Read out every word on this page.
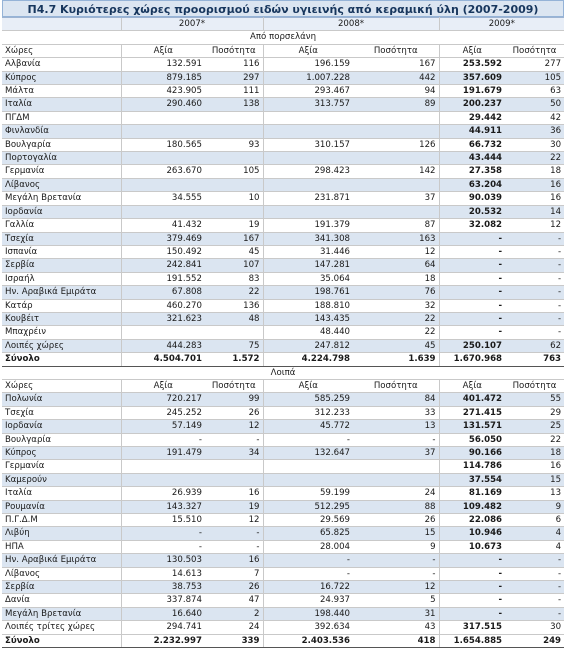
Π4.7 Κυριότερες χώρες προορισμού ειδών υγιεινής από κεραμική ύλη (2007-2009)
	2007*		2008*		2009*	
Από πορσελάνη						
Χώρες	Αξία	Ποσότητα	Αξία	Ποσότητα	Αξία	Ποσότητα
Αλβανία	132.591	116	196.159	167	253.592	277
Κύπρος	879.185	297	1.007.228	442	357.609	105
Μάλτα	423.905	111	293.467	94	191.679	63
Ιταλία	290.460	138	313.757	89	200.237	50
ΠΓΔΜ					29.442	42
Φινλανδία					44.911	36
Βουλγαρία	180.565	93	310.157	126	66.732	30
Πορτογαλία					43.444	22
Γερμανία	263.670	105	298.423	142	27.358	18
Λίβανος					63.204	16
Μεγάλη Βρετανία	34.555	10	231.871	37	90.039	16
Ιορδανία					20.532	14
Γαλλία	41.432	19	191.379	87	32.082	12
Τσεχία	379.469	167	341.308	163	-	-
Ισπανία	150.492	45	31.446	12	-	-
Σερβία	242.841	107	147.281	64	-	-
Ισραήλ	191.552	83	35.064	18	-	-
Ην. Αραβικά Εμιράτα	67.808	22	198.761	76	-	-
Κατάρ	460.270	136	188.810	32	-	-
Κουβέιτ	321.623	48	143.435	22	-	-
Μπαχρέιν			48.440	22	-	-
Λοιπές χώρες	444.283	75	247.812	45	250.107	62
Σύνολο	4.504.701	1.572	4.224.798	1.639	1.670.968	763
Λοιπά						
Χώρες	Αξία	Ποσότητα	Αξία	Ποσότητα	Αξία	Ποσότητα
Πολωνία	720.217	99	585.259	84	401.472	55
Τσεχία	245.252	26	312.233	33	271.415	29
Ιορδανία	57.149	12	45.772	13	131.571	25
Βουλγαρία	-	-	-	-	56.050	22
Κύπρος	191.479	34	132.647	37	90.166	18
Γερμανία					114.786	16
Καμερούν					37.554	15
Ιταλία	26.939	16	59.199	24	81.169	13
Ρουμανία	143.327	19	512.295	88	109.482	9
Π.Γ.Δ.Μ	15.510	12	29.569	26	22.086	6
Λιβύη	-	-	65.825	15	10.946	4
ΗΠΑ	-	-	28.004	9	10.673	4
Ην. Αραβικά Εμιράτα	130.503	16	-	-	-	-
Λίβανος	14.613	7	-	-	-	-
Σερβία	38.753	26	16.722	12	-	-
Δανία	337.874	47	24.937	5	-	-
Μεγάλη Βρετανία	16.640	2	198.440	31	-	-
Λοιπές τρίτες χώρες	294.741	24	392.634	43	317.515	30
Σύνολο	2.232.997	339	2.403.536	418	1.654.885	249
